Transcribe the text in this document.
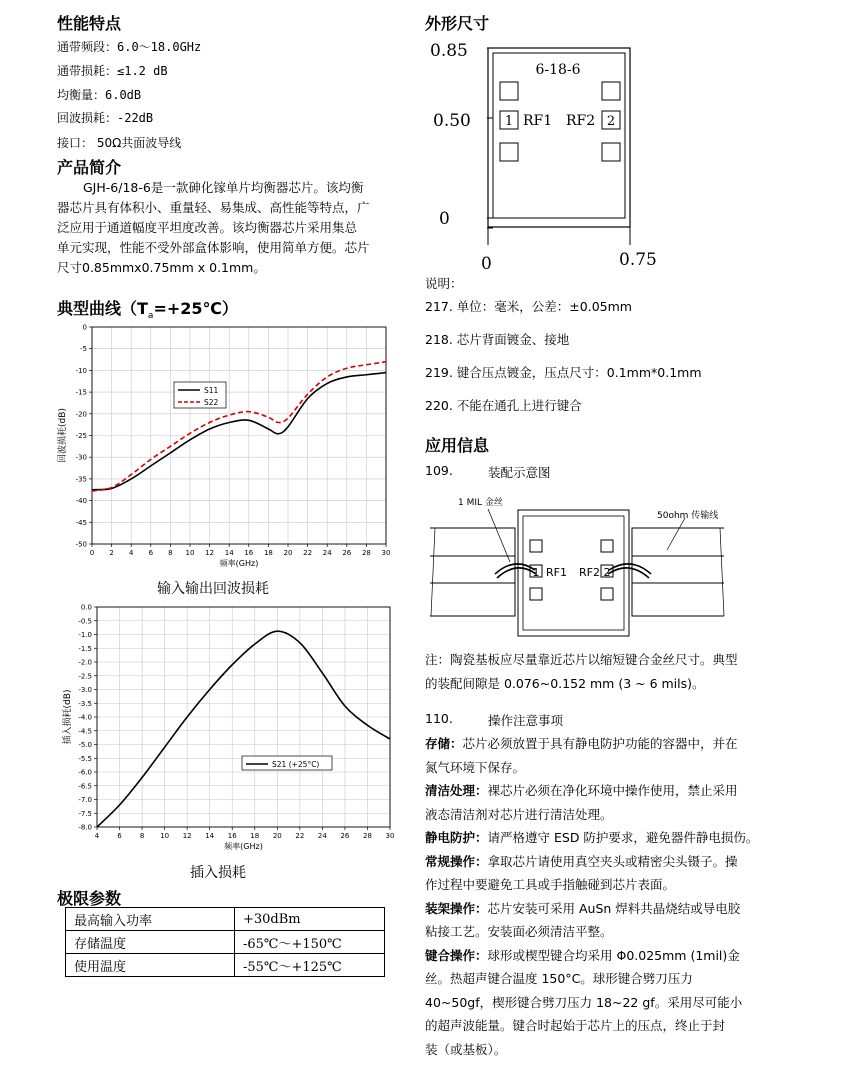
性能特点
通带频段：6.0～18.0GHz
通带损耗：≤1.2 dB
均衡量：6.0dB
回波损耗：-22dB
接口： 50Ω共面波导线
产品简介
GJH-6/18-6是一款砷化镓单片均衡器芯片。该均衡
器芯片具有体积小、重量轻、易集成、高性能等特点，广
泛应用于通道幅度平坦度改善。该均衡器芯片采用集总
单元实现，性能不受外部盒体影响，使用简单方便。芯片
尺寸0.85mmx0.75mm x 0.1mm。
典型曲线$(T_a=+25℃)$
0
-5
-10
-15
-20
-25
-30
-35
-40
-45
-50
0 2 4 6 8 10 12 14 16 18 20 22 24 26 28 30
频率(GHz)
回波损耗(dB)
S11
S22
输入输出回波损耗
0.0
-0.5
-1.0
-1.5
-2.0
-2.5
-3.0
-3.5
-4.0
-4.5
-5.0
-5.5
-6.0
-6.5
-7.0
-7.5
-8.0
4	6	8 10 12 14 16 18 20 22 24 26 28 30
频率(GHz)
插入损耗(dB)
S21 (+25°C)
插入损耗
极限参数
最高输入功率	+30dBm
存储温度	-65℃～+150℃
使用温度	-55℃～+125℃
外形尺寸
6-18-6
1 RF1 RF2 2
0.85
0.50
0
0	0.75
说明：
217. 单位：毫米，公差：±0.05mm
218. 芯片背面镀金、接地
219. 键合压点镀金，压点尺寸：0.1mm*0.1mm
220. 不能在通孔上进行键合
应用信息
109.	装配示意图
1 RF1 RF2 2
1 MIL 金丝
50ohm 传输线
注：陶瓷基板应尽量靠近芯片以缩短键合金丝尺寸。典型
的装配间隙是 0.076~0.152 mm (3 ~ 6 mils)。
110.	操作注意事项
存储：芯片必须放置于具有静电防护功能的容器中，并在
氮气环境下保存。
清洁处理：裸芯片必须在净化环境中操作使用，禁止采用
液态清洁剂对芯片进行清洁处理。
静电防护：请严格遵守 ESD 防护要求，避免器件静电损伤。
常规操作：拿取芯片请使用真空夹头或精密尖头镊子。操
作过程中要避免工具或手指触碰到芯片表面。
装架操作：芯片安装可采用 AuSn 焊料共晶烧结或导电胶
粘接工艺。安装面必须清洁平整。
键合操作：球形或楔型键合均采用 Φ0.025mm (1mil)金
丝。热超声键合温度 150°C。球形键合劈刀压力
40~50gf，楔形键合劈刀压力 18~22 gf。采用尽可能小
的超声波能量。键合时起始于芯片上的压点，终止于封
装（或基板）。
